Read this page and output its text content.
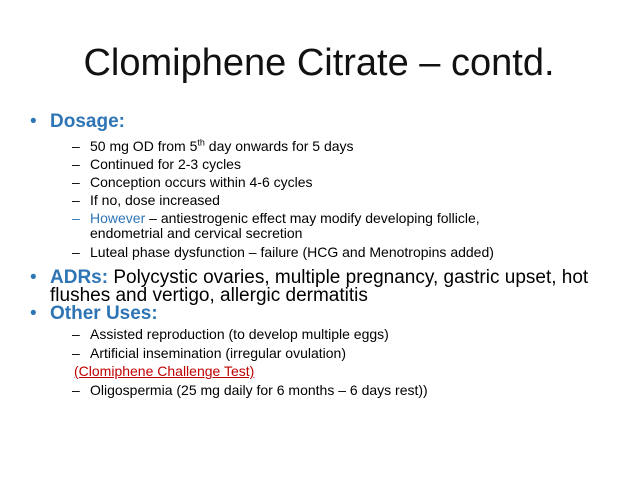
Clomiphene Citrate – contd.
• Dosage:
– 50 mg OD from 5th day onwards for 5 days
– Continued for 2-3 cycles
– Conception occurs within 4-6 cycles
– If no, dose increased
– However – antiestrogenic effect may modify developing follicle,
endometrial and cervical secretion
– Luteal phase dysfunction – failure (HCG and Menotropins added)
• ADRs: Polycystic ovaries, multiple pregnancy, gastric upset, hot
flushes and vertigo, allergic dermatitis
• Other Uses:
– Assisted reproduction (to develop multiple eggs)
– Artificial insemination (irregular ovulation)
(Clomiphene Challenge Test)
– Oligospermia (25 mg daily for 6 months – 6 days rest))
